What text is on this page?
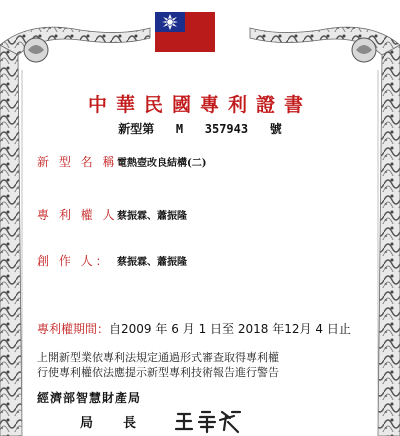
中華民國專利證書
新型第   M   357943   號
新 型 名 稱：
電熱壺改良結構(二)
專 利 權 人：
蔡振霖、蕭振隆
創 作 人： 蔡振霖、蕭振隆
專利權期間：自2009 年 6 月 1 日至 2018 年12月 4 日止
上開新型業依專利法規定通過形式審查取得專利權
行使專利權依法應提示新型專利技術報告進行警告
經濟部智慧財產局
局長
